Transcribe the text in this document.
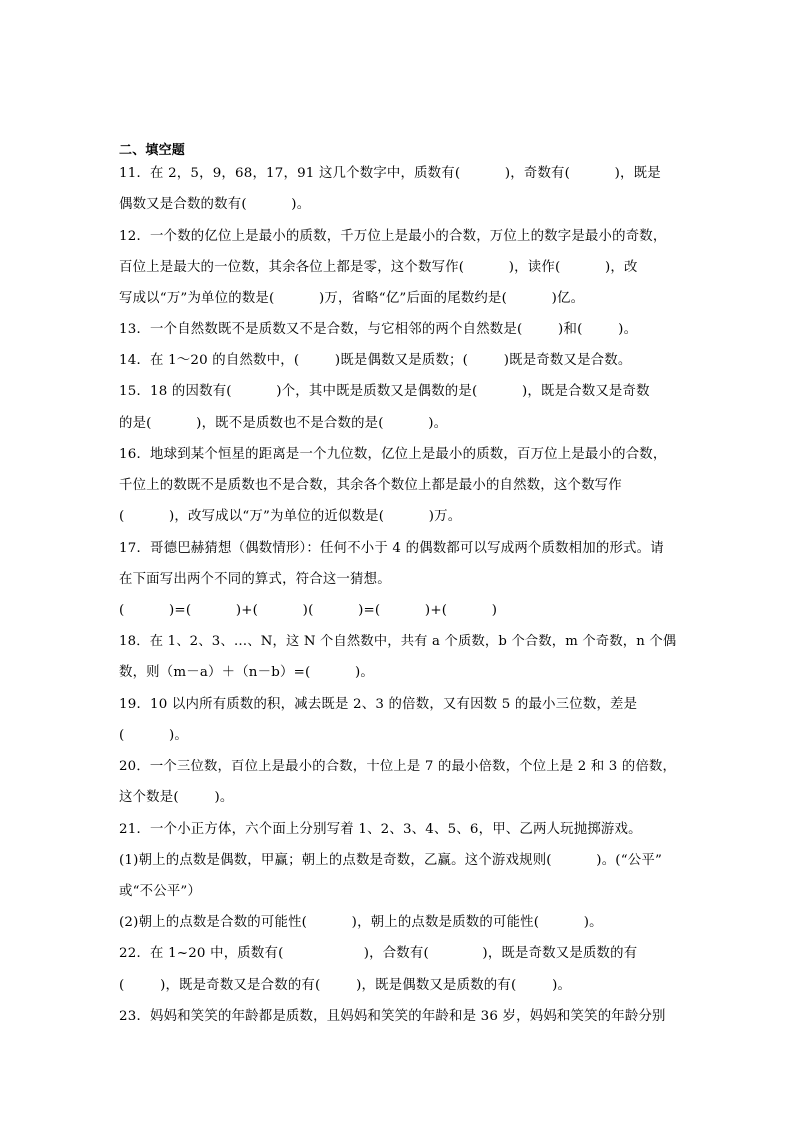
二、填空题
11．在 2，5，9，68，17，91 这几个数字中，质数有(          )，奇数有(          )，既是
偶数又是合数的数有(          )。
12．一个数的亿位上是最小的质数，千万位上是最小的合数，万位上的数字是最小的奇数，
百位上是最大的一位数，其余各位上都是零，这个数写作(          )，读作(          )，改
写成以“万”为单位的数是(          )万，省略“亿”后面的尾数约是(          )亿。
13．一个自然数既不是质数又不是合数，与它相邻的两个自然数是(        )和(        )。
14．在 1～20 的自然数中，(        )既是偶数又是质数；(        )既是奇数又是合数。
15．18 的因数有(          )个，其中既是质数又是偶数的是(          )，既是合数又是奇数
的是(          )，既不是质数也不是合数的是(          )。
16．地球到某个恒星的距离是一个九位数，亿位上是最小的质数，百万位上是最小的合数，
千位上的数既不是质数也不是合数，其余各个数位上都是最小的自然数，这个数写作
(          )，改写成以“万”为单位的近似数是(          )万。
17．哥德巴赫猜想（偶数情形）：任何不小于 4 的偶数都可以写成两个质数相加的形式。请
在下面写出两个不同的算式，符合这一猜想。
(          )=(          )+(          )(          )=(          )+(          )
18．在 1、2、3、…、N，这 N 个自然数中，共有 a 个质数，b 个合数，m 个奇数，n 个偶
数，则（m－a）＋（n－b）=(          )。
19．10 以内所有质数的积，减去既是 2、3 的倍数，又有因数 5 的最小三位数，差是
(          )。
20．一个三位数，百位上是最小的合数，十位上是 7 的最小倍数，个位上是 2 和 3 的倍数，
这个数是(        )。
21．一个小正方体，六个面上分别写着 1、2、3、4、5、6，甲、乙两人玩抛掷游戏。
(1)朝上的点数是偶数，甲赢；朝上的点数是奇数，乙赢。这个游戏规则(          )。(“公平”
或“不公平”）
(2)朝上的点数是合数的可能性(          )，朝上的点数是质数的可能性(          )。
22．在 1~20 中，质数有(                  )，合数有(            )，既是奇数又是质数的有
(        )，既是奇数又是合数的有(        )，既是偶数又是质数的有(        )。
23．妈妈和笑笑的年龄都是质数，且妈妈和笑笑的年龄和是 36 岁，妈妈和笑笑的年龄分别
